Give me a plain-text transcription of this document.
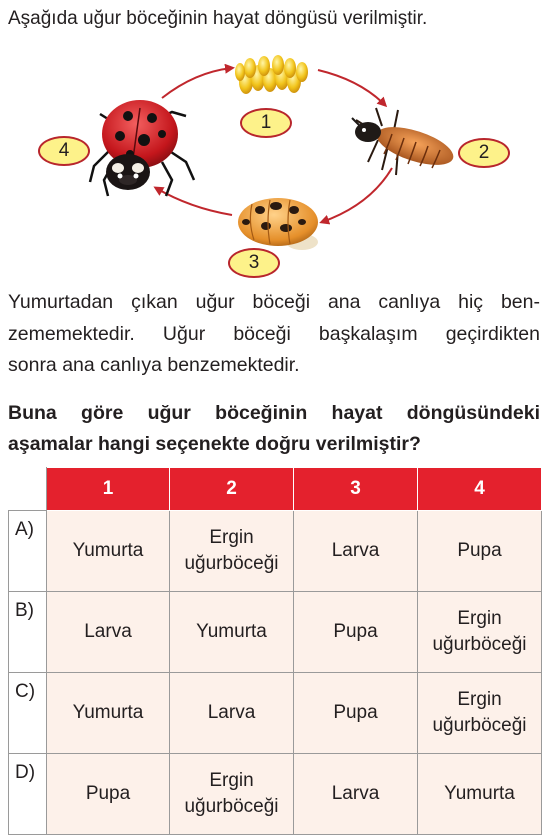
Aşağıda uğur böceğinin hayat döngüsü verilmiştir.
1
2
3
4

Yumurtadan çıkan uğur böceği ana canlıya hiç ben-

zememektedir. Uğur böceği başkalaşım geçirdikten

sonra ana canlıya benzemektedir.

Buna göre uğur böceğinin hayat döngüsündeki

aşamalar hangi seçenekte doğru verilmiştir?

	1	2	3	4
A)	Yumurta	Ergin uğurböceği	Larva	Pupa
B)	Larva	Yumurta	Pupa	Ergin uğurböceği
C)	Yumurta	Larva	Pupa	Ergin uğurböceği
D)	Pupa	Ergin uğurböceği	Larva	Yumurta
